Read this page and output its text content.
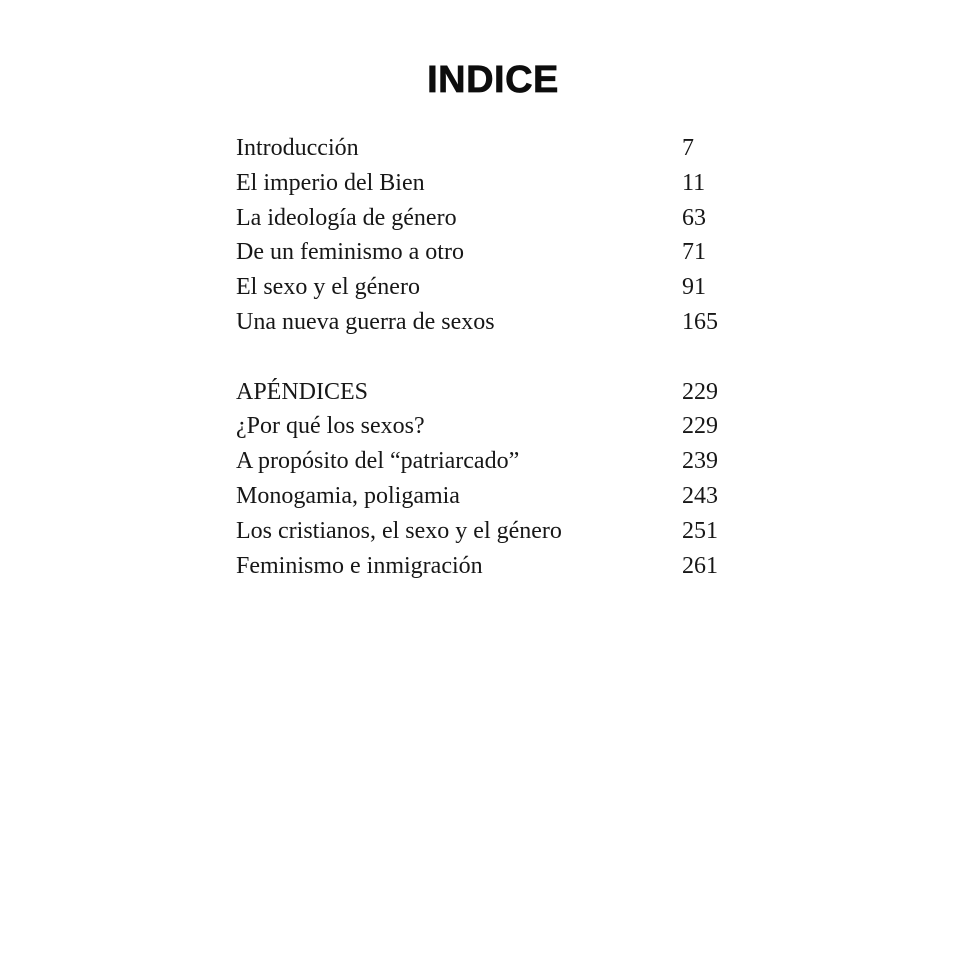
INDICE
Introducción	7
El imperio del Bien	11
La ideología de género	63
De un feminismo a otro	71
El sexo y el género	91
Una nueva guerra de sexos	165
APÉNDICES	229
¿Por qué los sexos?	229
A propósito del “patriarcado”	239
Monogamia, poligamia	243
Los cristianos, el sexo y el género	251
Feminismo e inmigración	261
